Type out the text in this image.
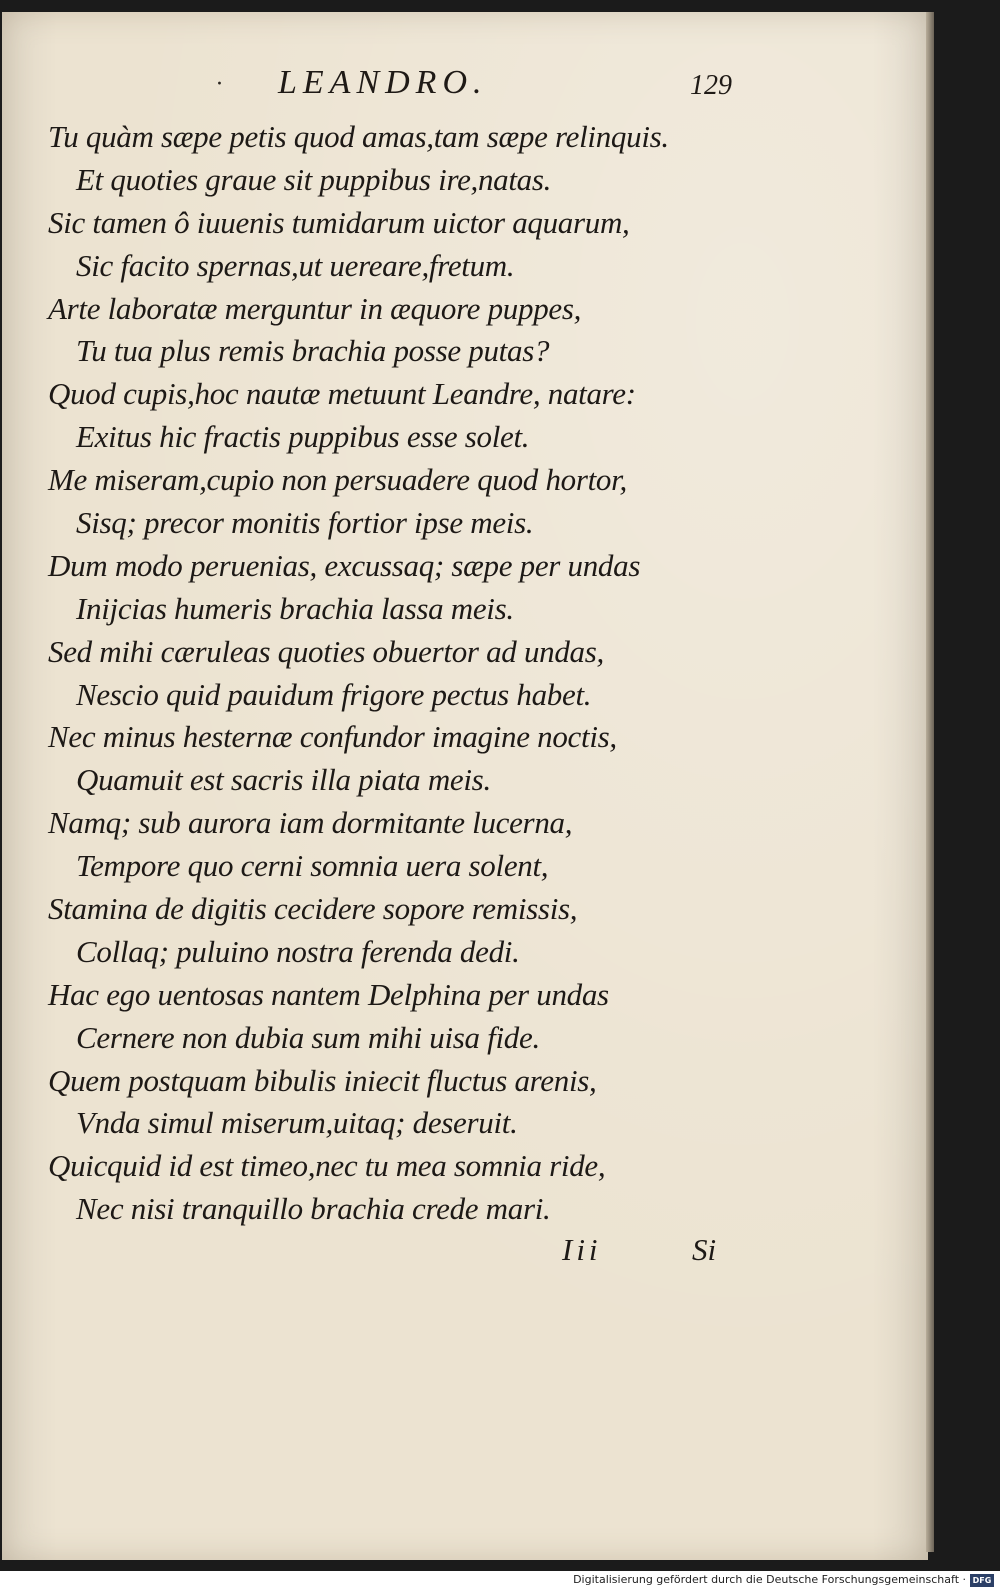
· LEANDRO.	129
Tu quàm sæpe petis quod amas,tam sæpe relinquis.
Et quoties graue sit puppibus ire,natas.
Sic tamen ô iuuenis tumidarum uictor aquarum,
Sic facito spernas,ut uereare,fretum.
Arte laboratæ merguntur in æquore puppes,
Tu tua plus remis brachia posse putas?
Quod cupis,hoc nautæ metuunt Leandre, natare:
Exitus hic fractis puppibus esse solet.
Me miseram,cupio non persuadere quod hortor,
Sisq; precor monitis fortior ipse meis.
Dum modo peruenias, excussaq; sæpe per undas
Inijcias humeris brachia lassa meis.
Sed mihi cæruleas quoties obuertor ad undas,
Nescio quid pauidum frigore pectus habet.
Nec minus hesternæ confundor imagine noctis,
Quamuit est sacris illa piata meis.
Namq; sub aurora iam dormitante lucerna,
Tempore quo cerni somnia uera solent,
Stamina de digitis cecidere sopore remissis,
Collaq; puluino nostra ferenda dedi.
Hac ego uentosas nantem Delphina per undas
Cernere non dubia sum mihi uisa fide.
Quem postquam bibulis iniecit fluctus arenis,
Vnda simul miserum,uitaq; deseruit.
Quicquid id est timeo,nec tu mea somnia ride,
Nec nisi tranquillo brachia crede mari.
Iii	Si
Digitalisierung gefördert durch die Deutsche Forschungsgemeinschaft · DFG
